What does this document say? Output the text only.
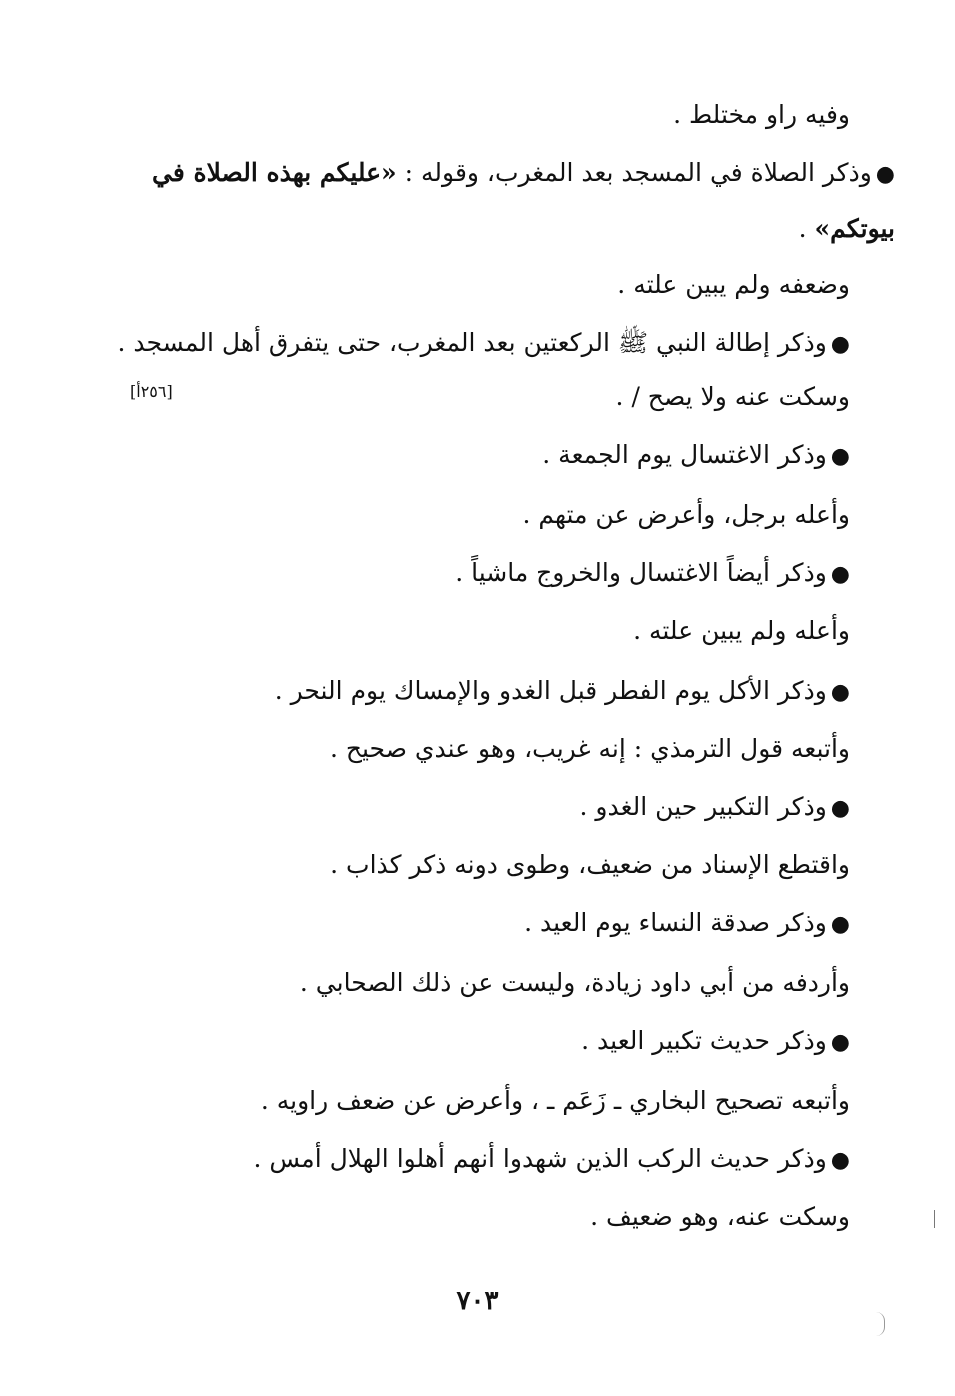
وفيه راو مختلط .
●وذكر الصلاة في المسجد بعد المغرب، وقوله : «عليكم بهذه الصلاة في
بيوتكم» .
وضعفه ولم يبين علته .
●وذكر إطالة النبي ﷺ الركعتين بعد المغرب، حتى يتفرق أهل المسجد .
وسكت عنه ولا يصح / .
●وذكر الاغتسال يوم الجمعة .
وأعله برجل، وأعرض عن متهم .
●وذكر أيضاً الاغتسال والخروج ماشياً .
وأعله ولم يبين علته .
●وذكر الأكل يوم الفطر قبل الغدو والإمساك يوم النحر .
وأتبعه قول الترمذي : إنه غريب، وهو عندي صحيح .
●وذكر التكبير حين الغدو .
واقتطع الإسناد من ضعيف، وطوى دونه ذكر كذاب .
●وذكر صدقة النساء يوم العيد .
وأردفه من أبي داود زيادة، وليست عن ذلك الصحابي .
●وذكر حديث تكبير العيد .
وأتبعه تصحيح البخاري ـ زَعَم ـ ، وأعرض عن ضعف راويه .
●وذكر حديث الركب الذين شهدوا أنهم أهلوا الهلال أمس .
وسكت عنه، وهو ضعيف .
[٢٥٦أ]
٧٠٣
